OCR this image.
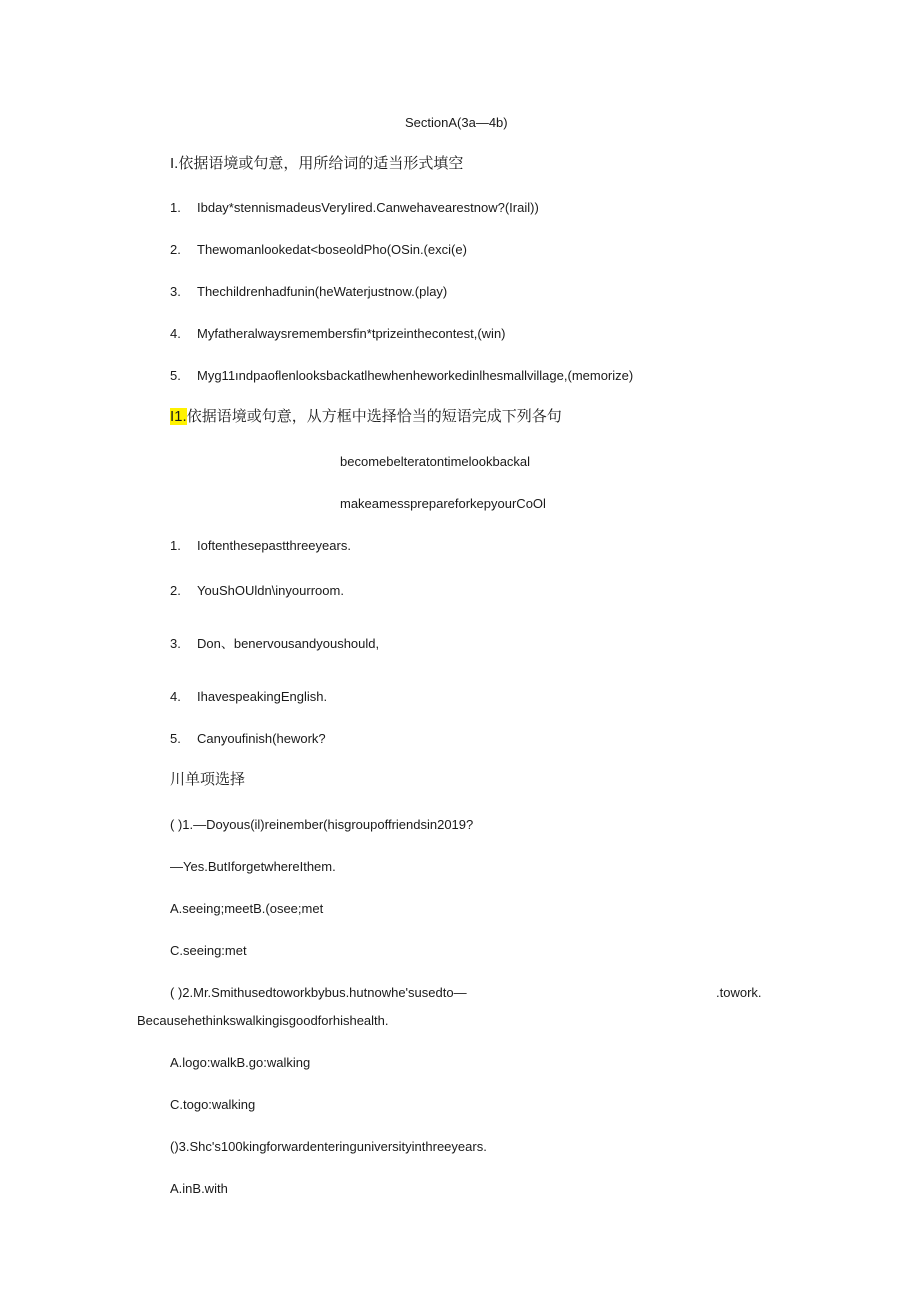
SectionA(3a—4b)
I.依据语境或句意，用所给词的适当形式填空
1. Ibday*stennismadeusVeryIired.Canwehavearestnow?(Irail))
2. Thewomanlookedat<boseoldPho(OSin.(exci(e)
3. Thechildrenhadfunin(heWaterjustnow.(play)
4. Myfatheralwaysremembersfin*tprizeinthecontest,(win)
5. Myg11ındpaoflenlooksbackatlhewhenheworkedinlhesmallvillage,(memorize)
I1.依据语境或句意，从方框中选择恰当的短语完成下列各句
becomebelteratontimelookbackal
makeamesspreparefork‌epyourCoOl
1. Ioftenthesepastthreeyears.
2. YouShOUldn\inyourroom.
3. Don、benervousandyoushould,
4. IhavespeakingEnglish.
5. Canyoufinish(hework?
川单项选择
( )1.—Doyous(il)reinember(hisgroupoffriendsin2019?
—Yes.ButIforgetwhereIthem.
A.seeing;meetB.(osee;met
C.seeing:met
( )2.Mr.Smithusedtoworkbybus.hutnowhe'susedto—	.towork.
Becausehethinkswalkingisgoodforhishealth.
A.logo:walkB.go:walking
C.togo:walking
()3.Shc's100kingforwardenteringuniversityinthreeyears.
A.inB.with
